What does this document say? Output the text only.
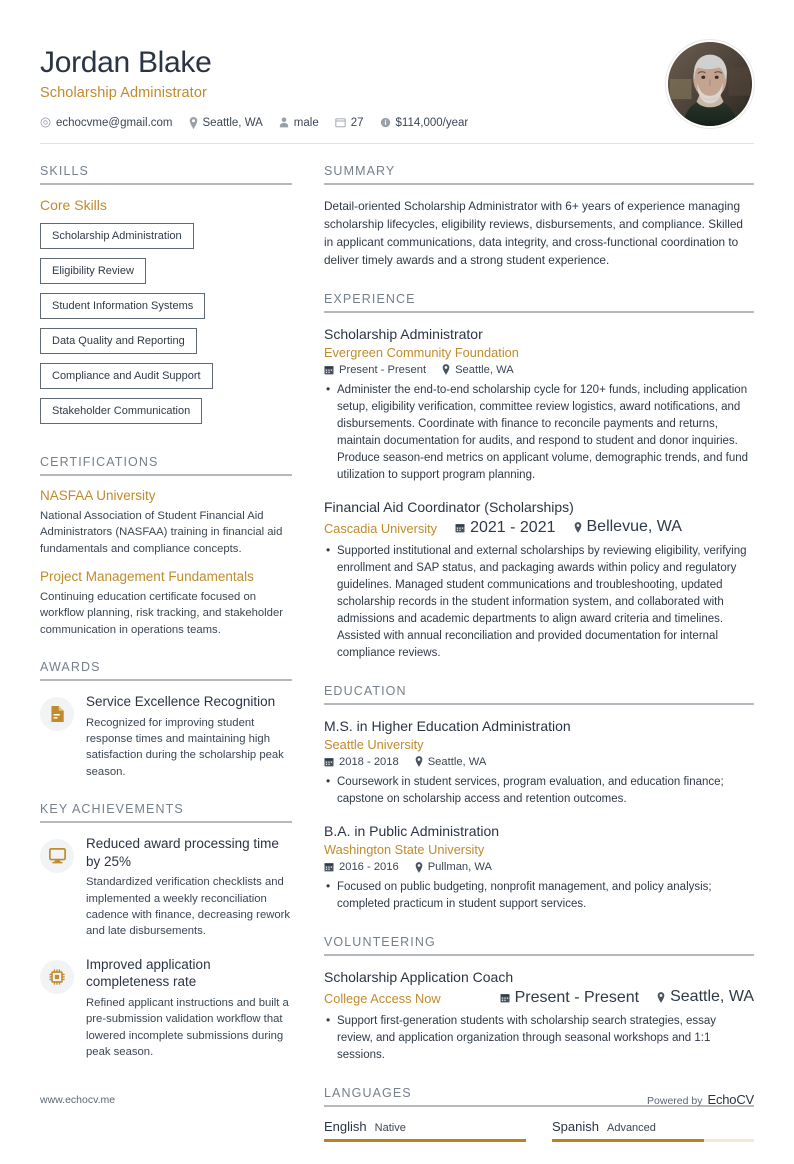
Jordan Blake
Scholarship Administrator
echocvme@gmail.com	Seattle, WA	male	27	$114,000/year
SKILLS
Core Skills
Scholarship Administration
Eligibility Review
Student Information Systems
Data Quality and Reporting
Compliance and Audit Support
Stakeholder Communication
CERTIFICATIONS
NASFAA University
National Association of Student Financial Aid Administrators (NASFAA) training in financial aid fundamentals and compliance concepts.
Project Management Fundamentals
Continuing education certificate focused on workflow planning, risk tracking, and stakeholder communication in operations teams.
AWARDS
Service Excellence Recognition
Recognized for improving student response times and maintaining high satisfaction during the scholarship peak season.
KEY ACHIEVEMENTS
Reduced award processing time by 25%
Standardized verification checklists and implemented a weekly reconciliation cadence with finance, decreasing rework and late disbursements.
Improved application completeness rate
Refined applicant instructions and built a pre-submission validation workflow that lowered incomplete submissions during peak season.
SUMMARY
Detail-oriented Scholarship Administrator with 6+ years of experience managing scholarship lifecycles, eligibility reviews, disbursements, and compliance. Skilled in applicant communications, data integrity, and cross-functional coordination to deliver timely awards and a strong student experience.
EXPERIENCE
Scholarship Administrator
Evergreen Community Foundation
Present - Present	Seattle, WA
• Administer the end-to-end scholarship cycle for 120+ funds, including application setup, eligibility verification, committee review logistics, award notifications, and disbursements. Coordinate with finance to reconcile payments and returns, maintain documentation for audits, and respond to student and donor inquiries. Produce season-end metrics on applicant volume, demographic trends, and fund utilization to support program planning.
Financial Aid Coordinator (Scholarships)
Cascadia University 2021 - 2021 Bellevue, WA
• Supported institutional and external scholarships by reviewing eligibility, verifying enrollment and SAP status, and packaging awards within policy and regulatory guidelines. Managed student communications and troubleshooting, updated scholarship records in the student information system, and collaborated with admissions and academic departments to align award criteria and timelines. Assisted with annual reconciliation and provided documentation for internal compliance reviews.
EDUCATION
M.S. in Higher Education Administration
Seattle University
2018 - 2018	Seattle, WA
• Coursework in student services, program evaluation, and education finance; capstone on scholarship access and retention outcomes.
B.A. in Public Administration
Washington State University
2016 - 2016	Pullman, WA
• Focused on public budgeting, nonprofit management, and policy analysis; completed practicum in student support services.
VOLUNTEERING
Scholarship Application Coach
College Access Now	Present - Present Seattle, WA
• Support first-generation students with scholarship search strategies, essay review, and application organization through seasonal workshops and 1:1 sessions.
LANGUAGES
English Native	Spanish Advanced
www.echocv.me	Powered by EchoCV
